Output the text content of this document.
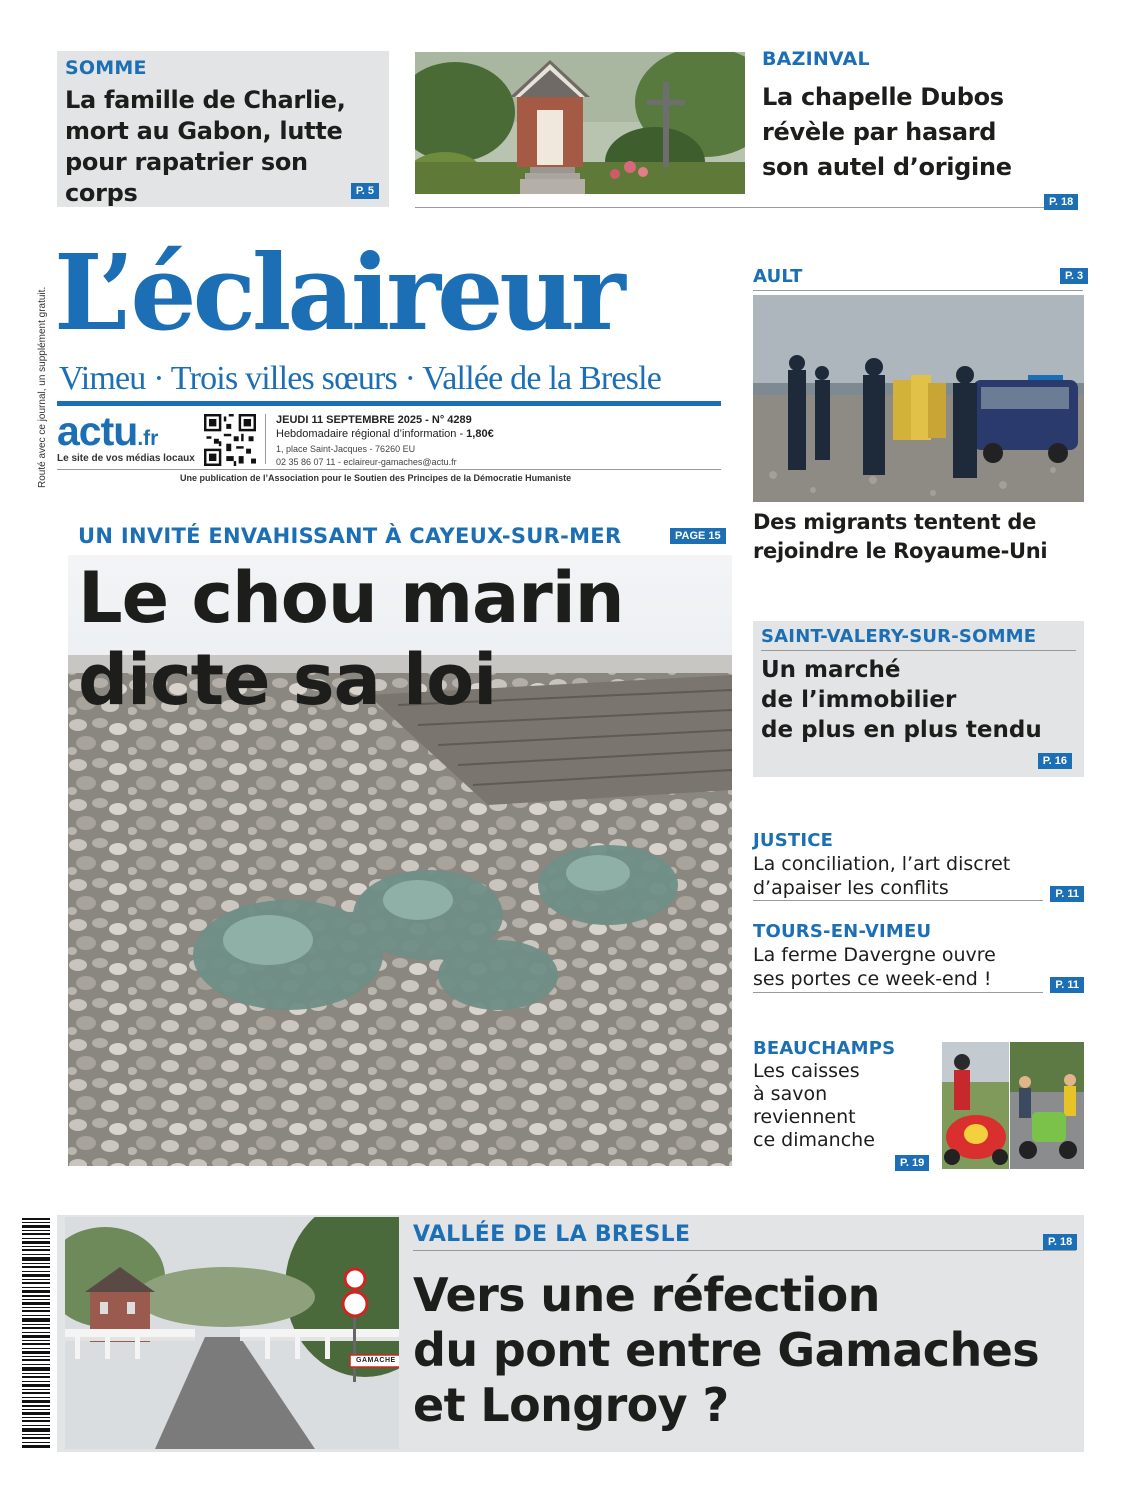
SOMME
La famille de Charlie, mort au Gabon, lutte pour rapatrier son corps	P. 5
BAZINVAL
La chapelle Dubos révèle par hasard son autel d’origine
P. 18
Routé avec ce journal, un supplément gratuit. L’éclaireur
Vimeu · Trois villes sœurs · Vallée de la Bresle
actu.fr
Le site de vos médias locaux
JEUDI 11 SEPTEMBRE 2025 - N° 4289
Hebdomadaire régional d’information - 1,80€
1, place Saint-Jacques - 76260 EU
02 35 86 07 11 - eclaireur-gamaches@actu.fr
Une publication de l’Association pour le Soutien des Principes de la Démocratie Humaniste
AULT	P. 3
Des migrants tentent de rejoindre le Royaume-Uni
UN INVITÉ ENVAHISSANT À CAYEUX-SUR-MER	PAGE 15
Le chou marin
dicte sa loi
SAINT-VALERY-SUR-SOMME
Un marché
de l’immobilier
de plus en plus tendu
P. 16
JUSTICE
La conciliation, l’art discret
d’apaiser les conflits	P. 11
TOURS-EN-VIMEU
La ferme Davergne ouvre
ses portes ce week-end !	P. 11
BEAUCHAMPS
Les caisses
à savon
reviennent
ce dimanche
P. 19
GAMACHE
VALLÉE DE LA BRESLE	P. 18
Vers une réfection
du pont entre Gamaches
et Longroy ?
